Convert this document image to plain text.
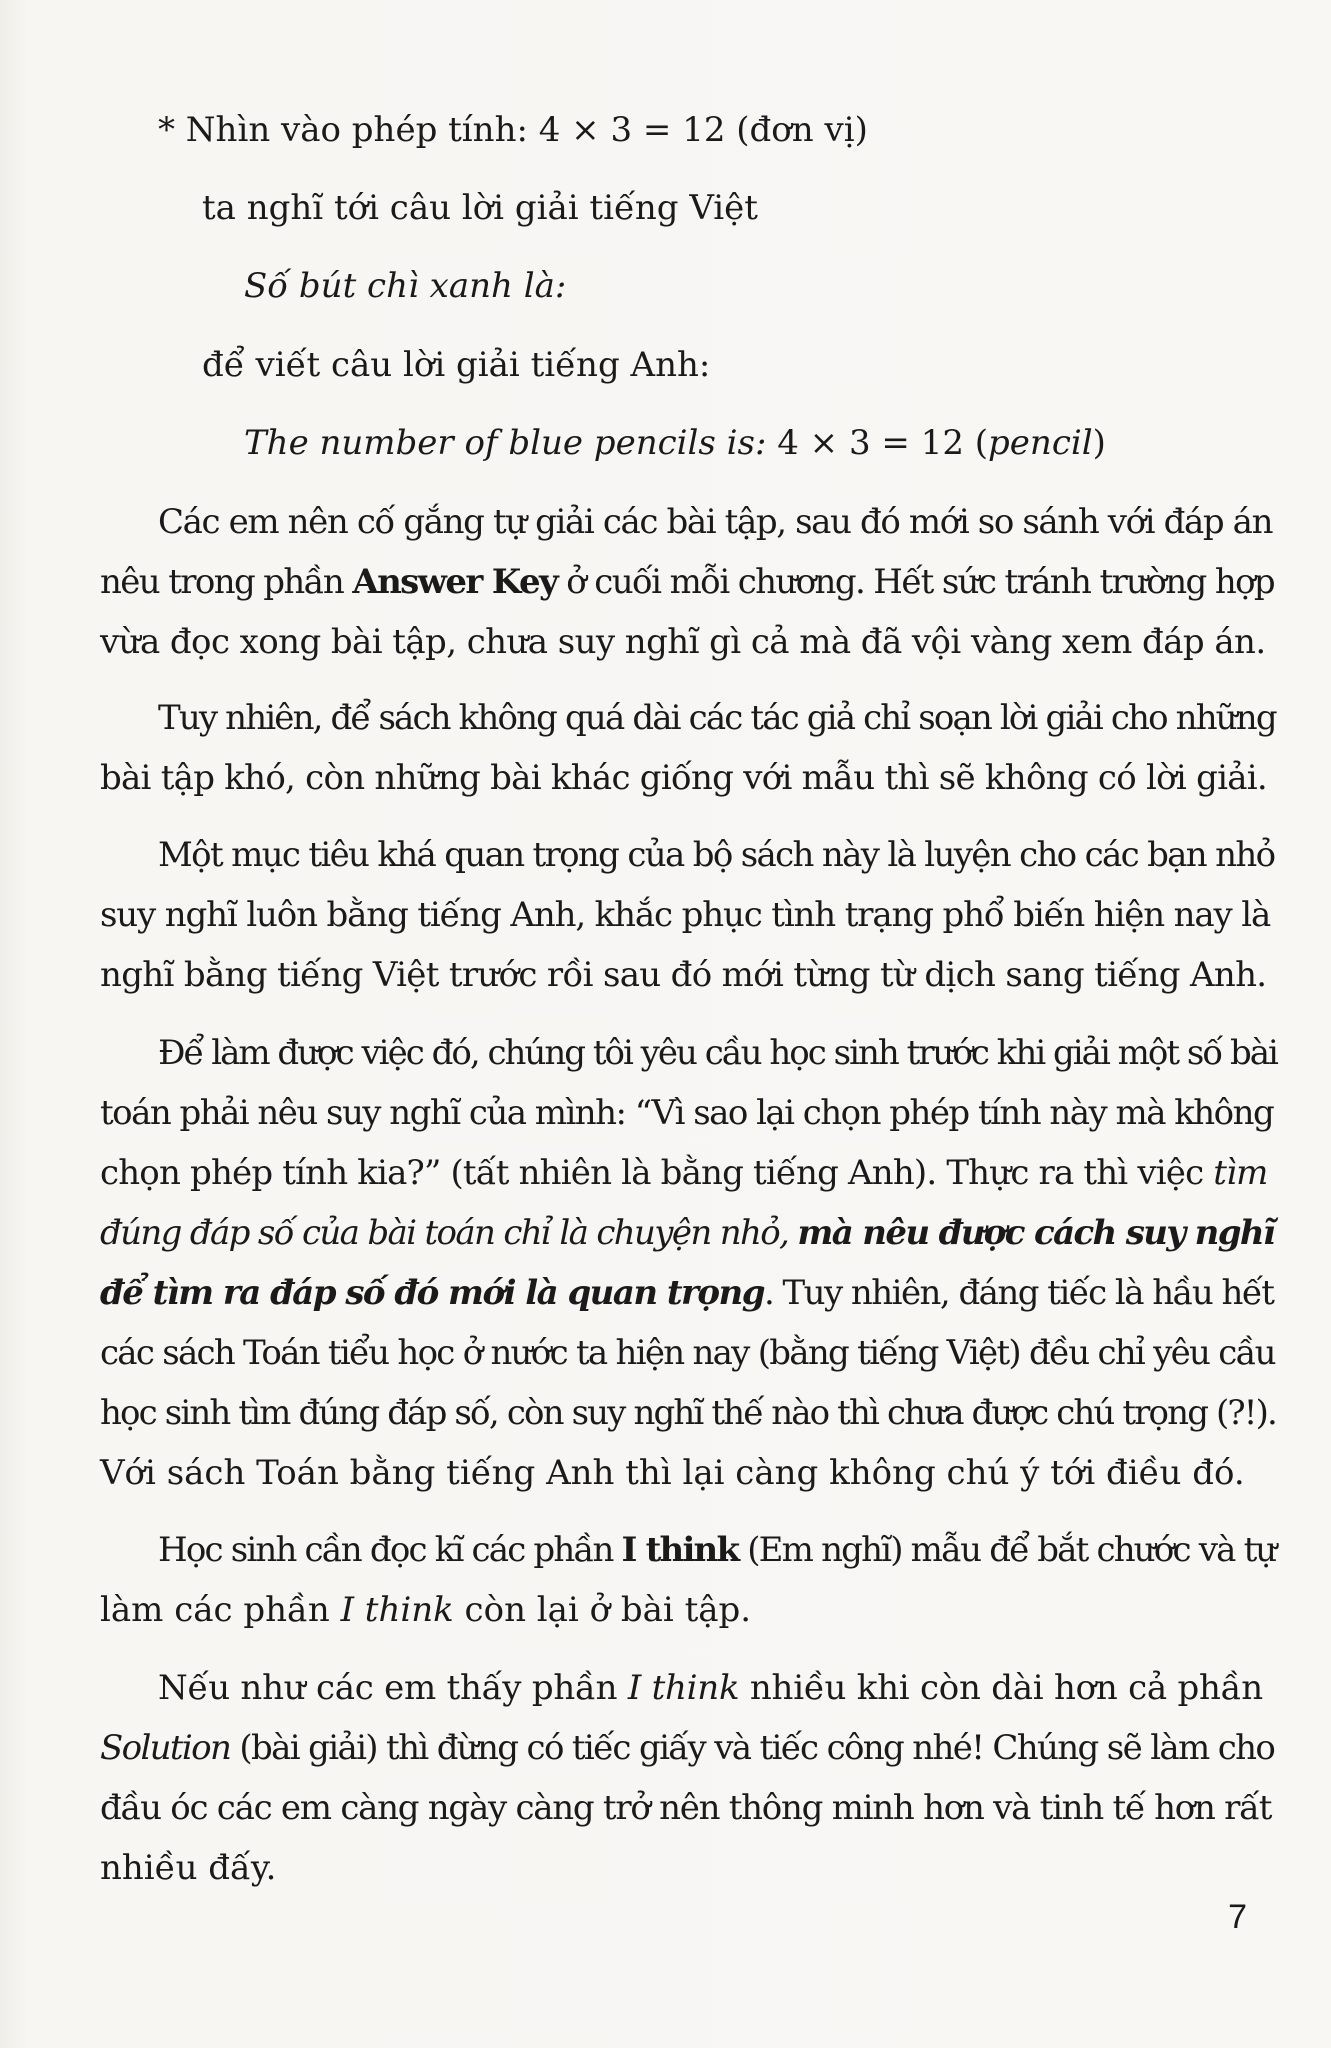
* Nhìn vào phép tính: 4 × 3 = 12 (đơn vị)
ta nghĩ tới câu lời giải tiếng Việt
Số bút chì xanh là:
để viết câu lời giải tiếng Anh:
The number of blue pencils is: 4 × 3 = 12 (pencil)
Các em nên cố gắng tự giải các bài tập, sau đó mới so sánh với đáp án
nêu trong phần Answer Key ở cuối mỗi chương. Hết sức tránh trường hợp
vừa đọc xong bài tập, chưa suy nghĩ gì cả mà đã vội vàng xem đáp án.
Tuy nhiên, để sách không quá dài các tác giả chỉ soạn lời giải cho những
bài tập khó, còn những bài khác giống với mẫu thì sẽ không có lời giải.
Một mục tiêu khá quan trọng của bộ sách này là luyện cho các bạn nhỏ
suy nghĩ luôn bằng tiếng Anh, khắc phục tình trạng phổ biến hiện nay là
nghĩ bằng tiếng Việt trước rồi sau đó mới từng từ dịch sang tiếng Anh.
Để làm được việc đó, chúng tôi yêu cầu học sinh trước khi giải một số bài
toán phải nêu suy nghĩ của mình: “Vì sao lại chọn phép tính này mà không
chọn phép tính kia?” (tất nhiên là bằng tiếng Anh). Thực ra thì việc tìm
đúng đáp số của bài toán chỉ là chuyện nhỏ, mà nêu được cách suy nghĩ
để tìm ra đáp số đó mới là quan trọng. Tuy nhiên, đáng tiếc là hầu hết
các sách Toán tiểu học ở nước ta hiện nay (bằng tiếng Việt) đều chỉ yêu cầu
học sinh tìm đúng đáp số, còn suy nghĩ thế nào thì chưa được chú trọng (?!).
Với sách Toán bằng tiếng Anh thì lại càng không chú ý tới điều đó.
Học sinh cần đọc kĩ các phần I think (Em nghĩ) mẫu để bắt chước và tự
làm các phần I think còn lại ở bài tập.
Nếu như các em thấy phần I think nhiều khi còn dài hơn cả phần
Solution (bài giải) thì đừng có tiếc giấy và tiếc công nhé! Chúng sẽ làm cho
đầu óc các em càng ngày càng trở nên thông minh hơn và tinh tế hơn rất
nhiều đấy.
7
